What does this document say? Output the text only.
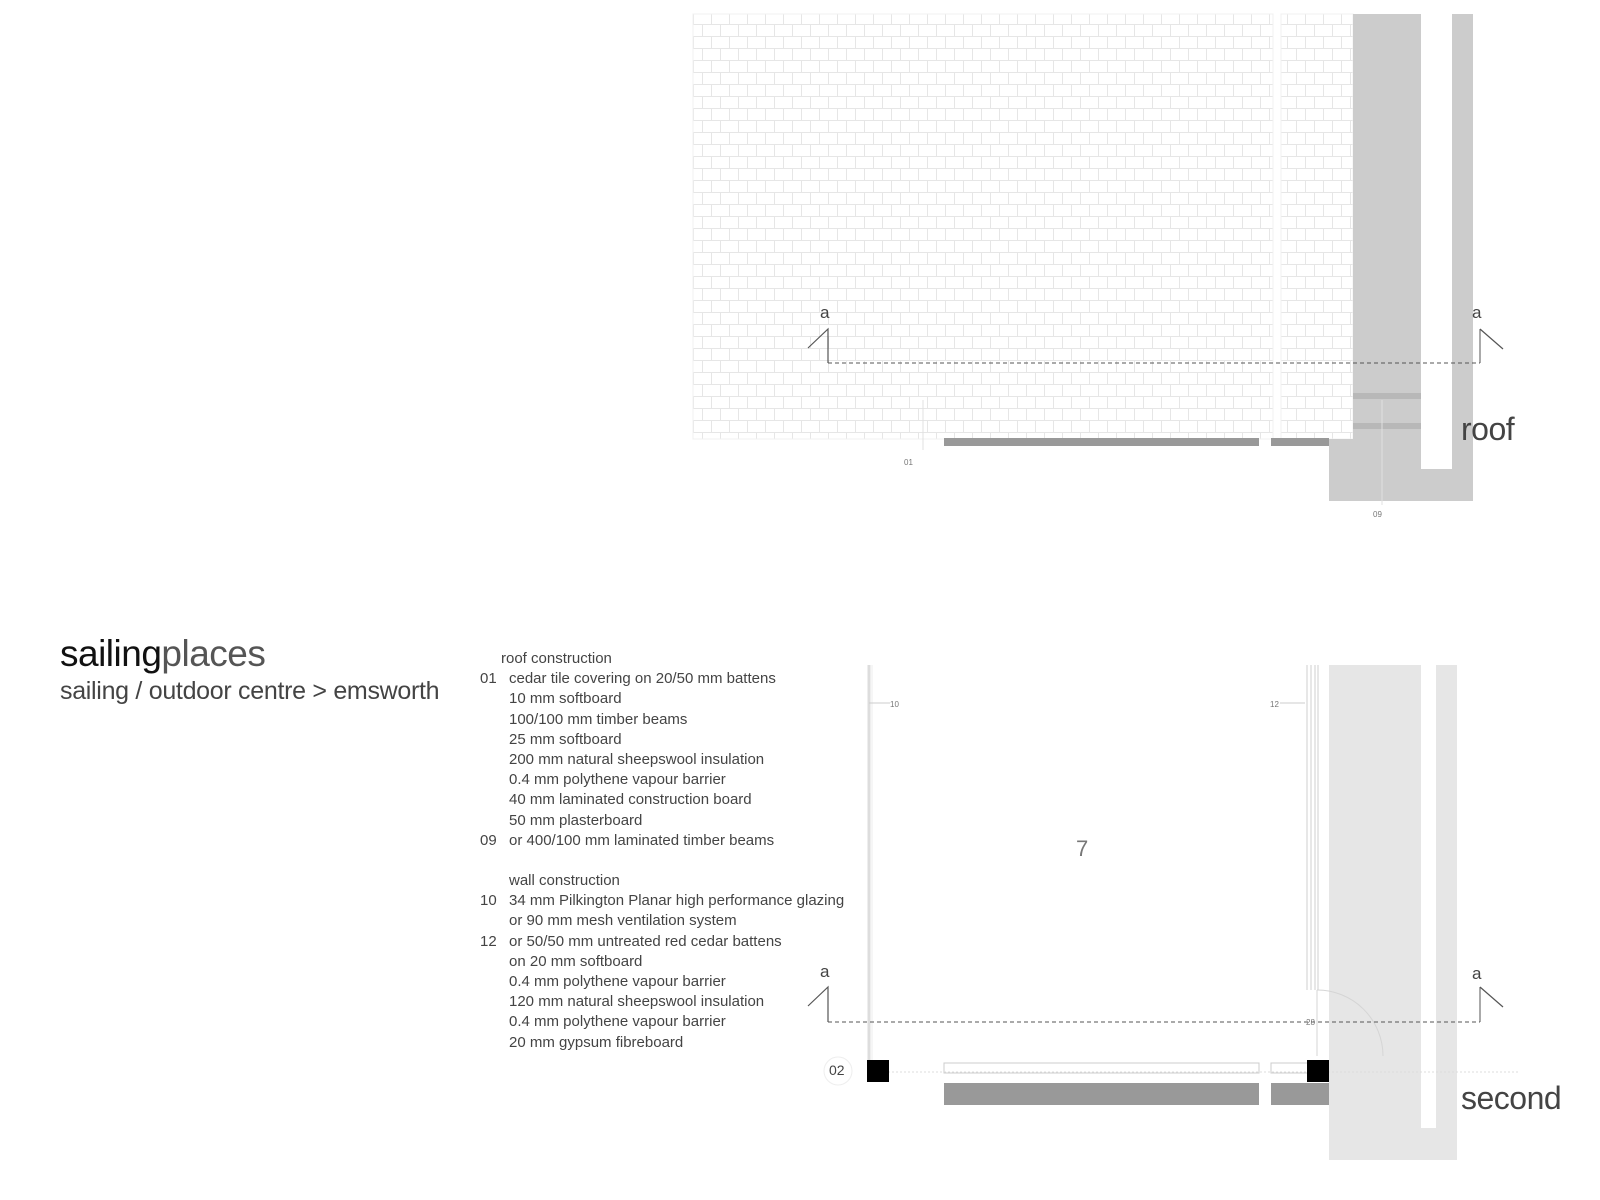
sailingplaces
sailing / outdoor centre > emsworth
roof construction
01 cedar tile covering on 20/50 mm battens
10 mm softboard
100/100 mm timber beams
25 mm softboard
200 mm natural sheepswool insulation
0.4 mm polythene vapour barrier
40 mm laminated construction board
50 mm plasterboard
09 or 400/100 mm laminated timber beams
wall construction
10 34 mm Pilkington Planar high performance glazing
or 90 mm mesh ventilation system
12 or 50/50 mm untreated red cedar battens
on 20 mm softboard
0.4 mm polythene vapour barrier
120 mm natural sheepswool insulation
0.4 mm polythene vapour barrier
20 mm gypsum fibreboard
roof
second
a	a
a	a
01
09
10	12
28
02
7
